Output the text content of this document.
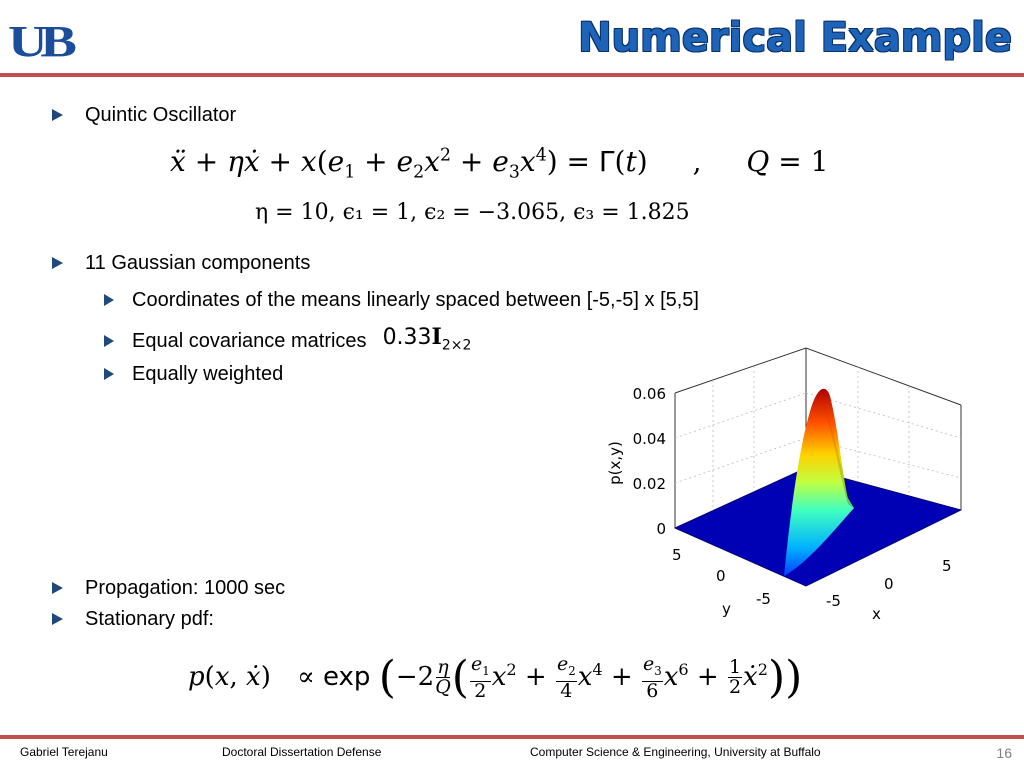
UB	Numerical Example
Quintic Oscillator
ẍ + ηẋ + $x(e_1 + e_2x^2 + e_3x^4) = \Gamma(t)$ , Q = 1
η = 10, ϵ₁ = 1, ϵ₂ = −3.065, ϵ₃ = 1.825
11 Gaussian components
Coordinates of the means linearly spaced between [-5,-5] x [5,5]
Equal covariance matrices $0.33I_{2\times 2}$
Equally weighted
0.06
0.04
0.02
0
p(x,y)
5
0
-5
y	-5
0
5
x
Propagation: 1000 sec
Stationary pdf:
p(x, ẋ) ∝ $\exp (-2 \frac{\eta}{Q}$ ( $\frac{e_1}{2} x^2 + \frac{e_2}{4} x^4 + \frac{e_3}{6} x^6 + \frac{1}{2}$ ẋ$^2$))
Gabriel Terejanu	Doctoral Dissertation Defense	Computer Science & Engineering, University at Buffalo	16
